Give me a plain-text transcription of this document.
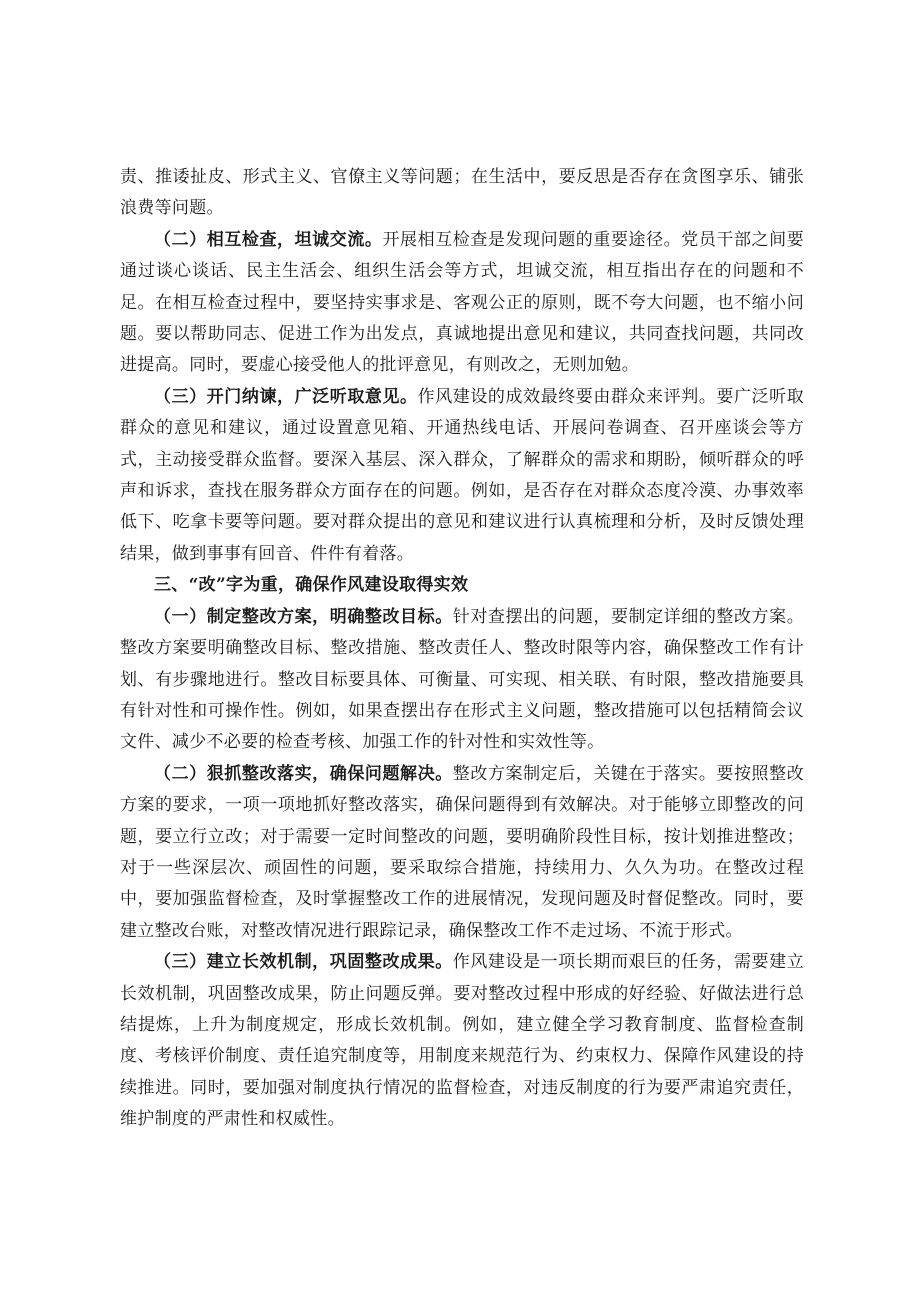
责、推诿扯皮、形式主义、官僚主义等问题；在生活中，要反思是否存在贪图享乐、铺张浪费等问题。

（二）相互检查，坦诚交流。开展相互检查是发现问题的重要途径。党员干部之间要通过谈心谈话、民主生活会、组织生活会等方式，坦诚交流，相互指出存在的问题和不足。在相互检查过程中，要坚持实事求是、客观公正的原则，既不夸大问题，也不缩小问题。要以帮助同志、促进工作为出发点，真诚地提出意见和建议，共同查找问题，共同改进提高。同时，要虚心接受他人的批评意见，有则改之，无则加勉。

（三）开门纳谏，广泛听取意见。作风建设的成效最终要由群众来评判。要广泛听取群众的意见和建议，通过设置意见箱、开通热线电话、开展问卷调查、召开座谈会等方式，主动接受群众监督。要深入基层、深入群众，了解群众的需求和期盼，倾听群众的呼声和诉求，查找在服务群众方面存在的问题。例如，是否存在对群众态度冷漠、办事效率低下、吃拿卡要等问题。要对群众提出的意见和建议进行认真梳理和分析，及时反馈处理结果，做到事事有回音、件件有着落。

三、“改”字为重，确保作风建设取得实效

（一）制定整改方案，明确整改目标。针对查摆出的问题，要制定详细的整改方案。整改方案要明确整改目标、整改措施、整改责任人、整改时限等内容，确保整改工作有计划、有步骤地进行。整改目标要具体、可衡量、可实现、相关联、有时限，整改措施要具有针对性和可操作性。例如，如果查摆出存在形式主义问题，整改措施可以包括精简会议文件、减少不必要的检查考核、加强工作的针对性和实效性等。

（二）狠抓整改落实，确保问题解决。整改方案制定后，关键在于落实。要按照整改方案的要求，一项一项地抓好整改落实，确保问题得到有效解决。对于能够立即整改的问题，要立行立改；对于需要一定时间整改的问题，要明确阶段性目标，按计划推进整改；对于一些深层次、顽固性的问题，要采取综合措施，持续用力、久久为功。在整改过程中，要加强监督检查，及时掌握整改工作的进展情况，发现问题及时督促整改。同时，要建立整改台账，对整改情况进行跟踪记录，确保整改工作不走过场、不流于形式。

（三）建立长效机制，巩固整改成果。作风建设是一项长期而艰巨的任务，需要建立长效机制，巩固整改成果，防止问题反弹。要对整改过程中形成的好经验、好做法进行总结提炼，上升为制度规定，形成长效机制。例如，建立健全学习教育制度、监督检查制度、考核评价制度、责任追究制度等，用制度来规范行为、约束权力、保障作风建设的持续推进。同时，要加强对制度执行情况的监督检查，对违反制度的行为要严肃追究责任，维护制度的严肃性和权威性。
